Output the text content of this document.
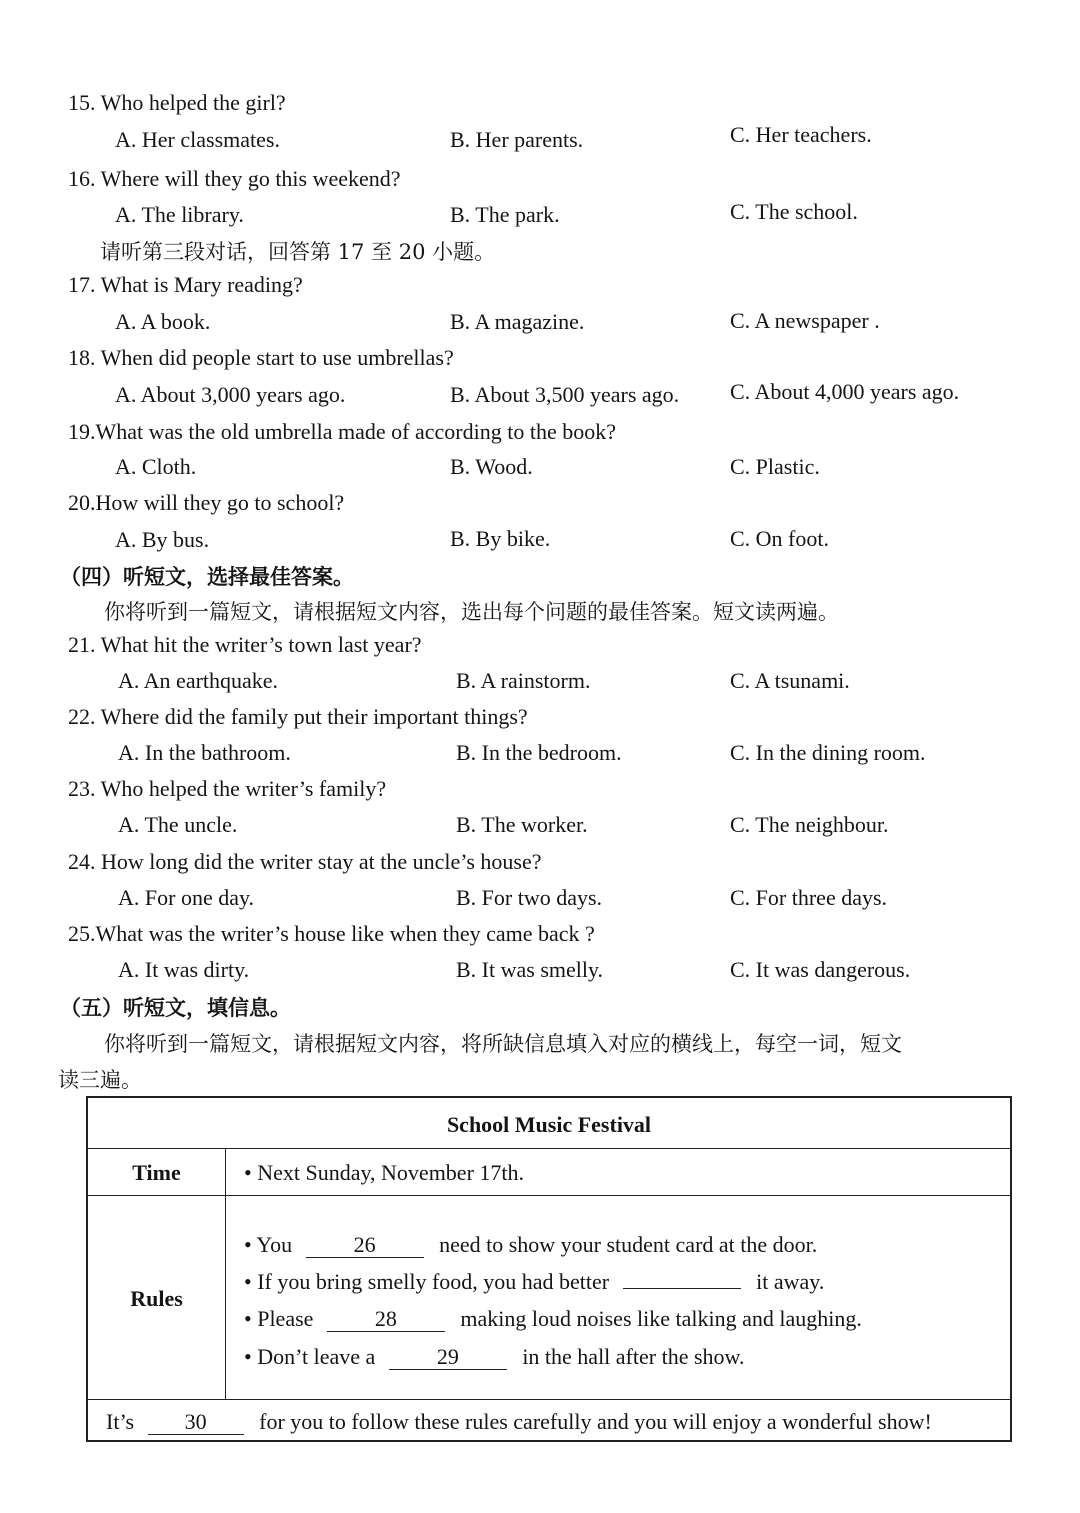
15. Who helped the girl?
A. Her classmates.	B. Her parents.	C. Her teachers.
16. Where will they go this weekend?
A. The library.	B. The park.	C. The school.
请听第三段对话，回答第 17 至 20 小题。
17. What is Mary reading?
A. A book.	B. A magazine.	C. A newspaper .
18. When did people start to use umbrellas?
A. About 3,000 years ago.	B. About 3,500 years ago. C. About 4,000 years ago.
19.What was the old umbrella made of according to the book?
A. Cloth.	B. Wood.	C. Plastic.
20.How will they go to school?
A. By bus.	B. By bike.	C. On foot.
（四）听短文，选择最佳答案。
你将听到一篇短文，请根据短文内容，选出每个问题的最佳答案。短文读两遍。
21. What hit the writer’s town last year?
A. An earthquake.	B. A rainstorm.	C. A tsunami.
22. Where did the family put their important things?
A. In the bathroom.	B. In the bedroom.	C. In the dining room.
23. Who helped the writer’s family?
A. The uncle.	B. The worker.	C. The neighbour.
24. How long did the writer stay at the uncle’s house?
A. For one day.	B. For two days.	C. For three days.
25.What was the writer’s house like when they came back ?
A. It was dirty.	B. It was smelly.	C. It was dangerous.
（五）听短文，填信息。
你将听到一篇短文，请根据短文内容，将所缺信息填入对应的横线上，每空一词，短文
读三遍。
School Music Festival
Time	• Next Sunday, November 17th.
Rules
• You	26	need to show your student card at the door.
• If you bring smelly food, you had better	it away.
• Please	28	making loud noises like talking and laughing.
• Don’t leave a	29	in the hall after the show.
It’s 30 for you to follow these rules carefully and you will enjoy a wonderful show!
